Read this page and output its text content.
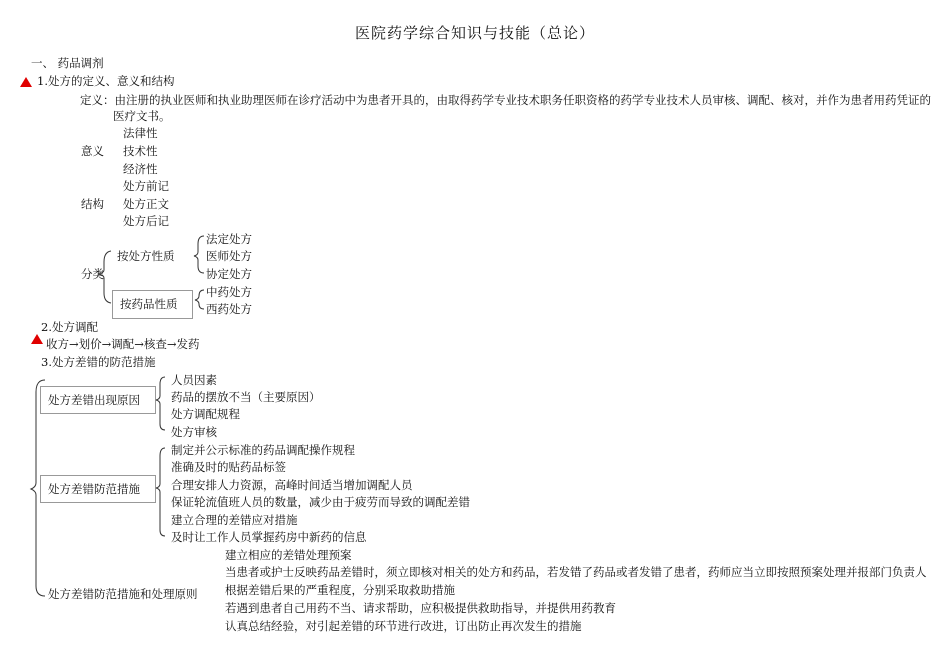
医院药学综合知识与技能（总论）
一、 药品调剂
1.处方的定义、意义和结构
定义：由注册的执业医师和执业助理医师在诊疗活动中为患者开具的，由取得药学专业技术职务任职资格的药学专业技术人员审核、调配、核对，并作为患者用药凭证的
医疗文书。
法律性
意义 技术性
经济性
处方前记
结构 处方正文
处方后记
分类
按处方性质
法定处方
医师处方
协定处方
按药品性质
中药处方
西药处方
2.处方调配
收方→划价→调配→核查→发药
3.处方差错的防范措施
处方差错出现原因
人员因素
药品的摆放不当（主要原因）
处方调配规程
处方审核
处方差错防范措施
制定并公示标准的药品调配操作规程
准确及时的贴药品标签
合理安排人力资源，高峰时间适当增加调配人员
保证轮流值班人员的数量，减少由于疲劳而导致的调配差错
建立合理的差错应对措施
及时让工作人员掌握药房中新药的信息
处方差错防范措施和处理原则
建立相应的差错处理预案
当患者或护士反映药品差错时，须立即核对相关的处方和药品，若发错了药品或者发错了患者，药师应当立即按照预案处理并报部门负责人
根据差错后果的严重程度，分别采取救助措施
若遇到患者自己用药不当、请求帮助，应积极提供救助指导，并提供用药教育
认真总结经验，对引起差错的环节进行改进，订出防止再次发生的措施
